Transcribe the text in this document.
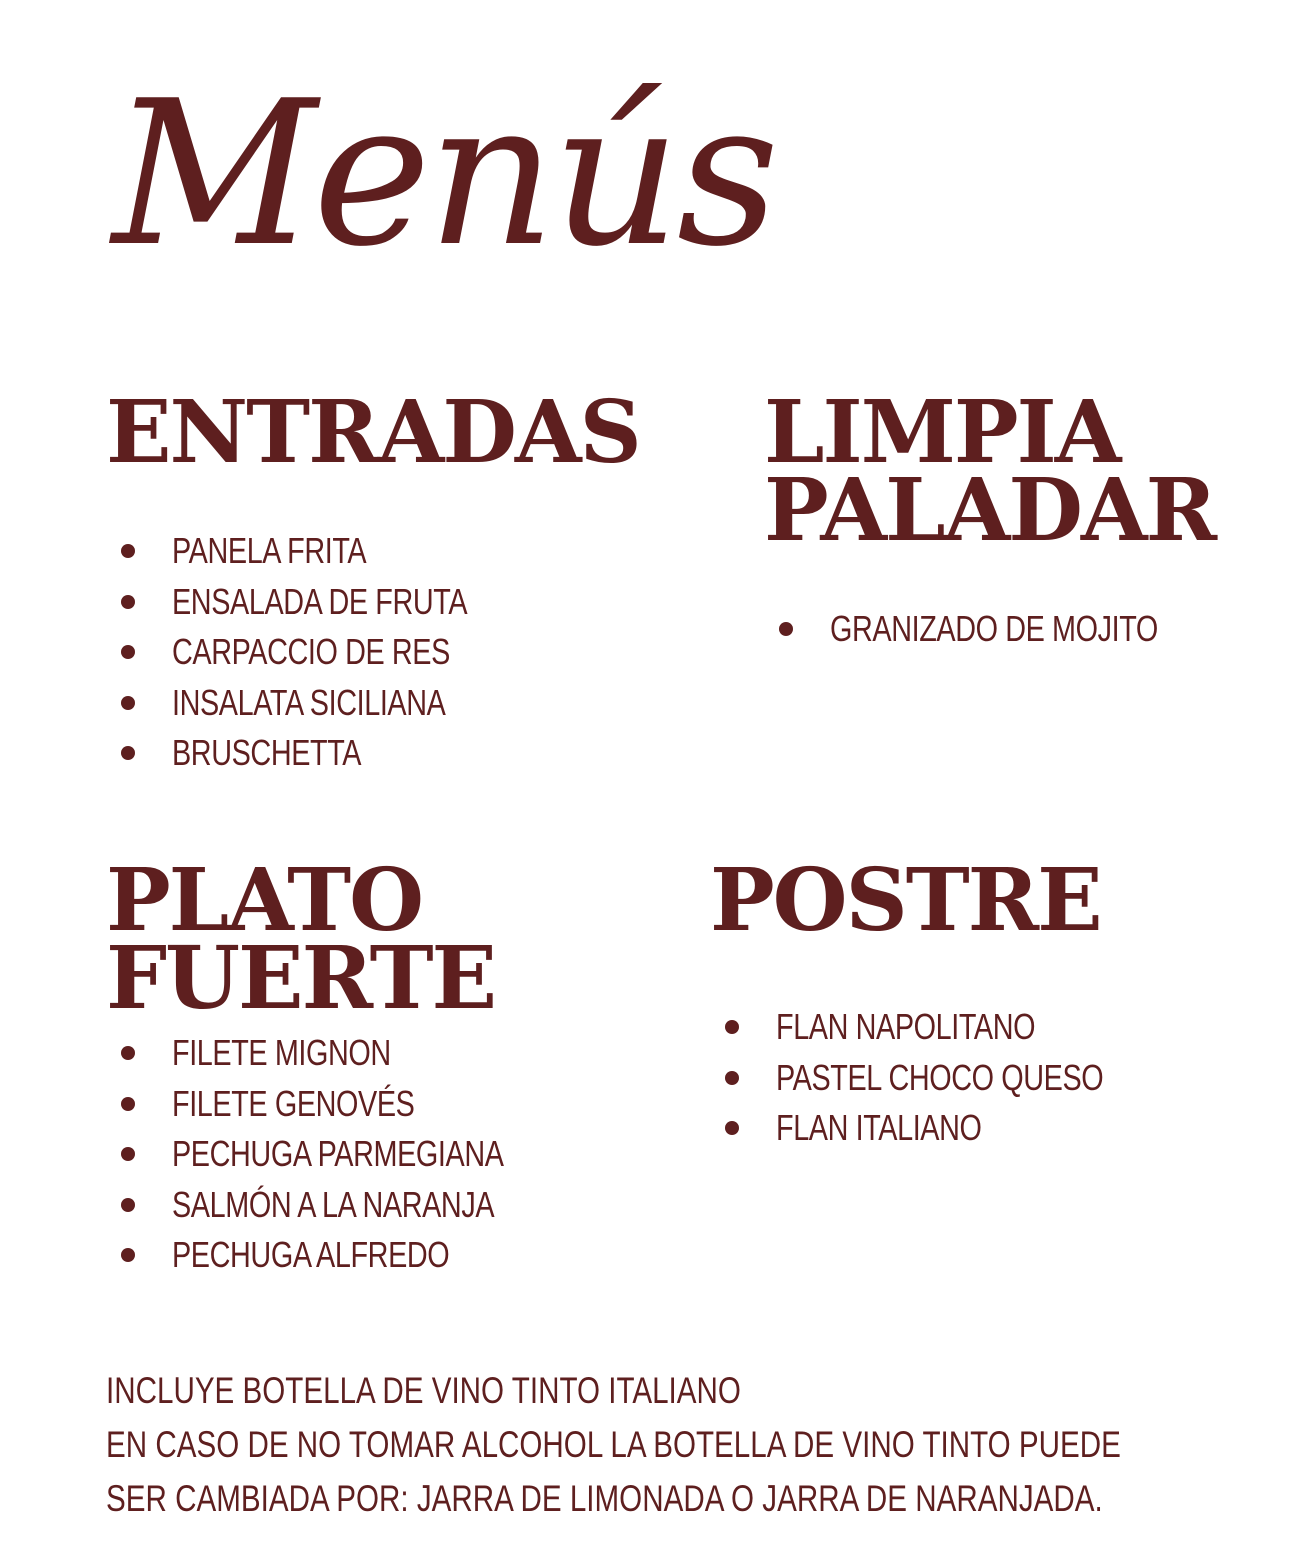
Menús
ENTRADAS
PANELA FRITA
ENSALADA DE FRUTA
CARPACCIO DE RES
INSALATA SICILIANA
BRUSCHETTA
LIMPIA
PALADAR
GRANIZADO DE MOJITO
PLATO
FUERTE
FILETE MIGNON
FILETE GENOVÉS
PECHUGA PARMEGIANA
SALMÓN A LA NARANJA
PECHUGA ALFREDO
POSTRE
FLAN NAPOLITANO
PASTEL CHOCO QUESO
FLAN ITALIANO
INCLUYE BOTELLA DE VINO TINTO ITALIANO
EN CASO DE NO TOMAR ALCOHOL LA BOTELLA DE VINO TINTO PUEDE
SER CAMBIADA POR: JARRA DE LIMONADA O JARRA DE NARANJADA.
